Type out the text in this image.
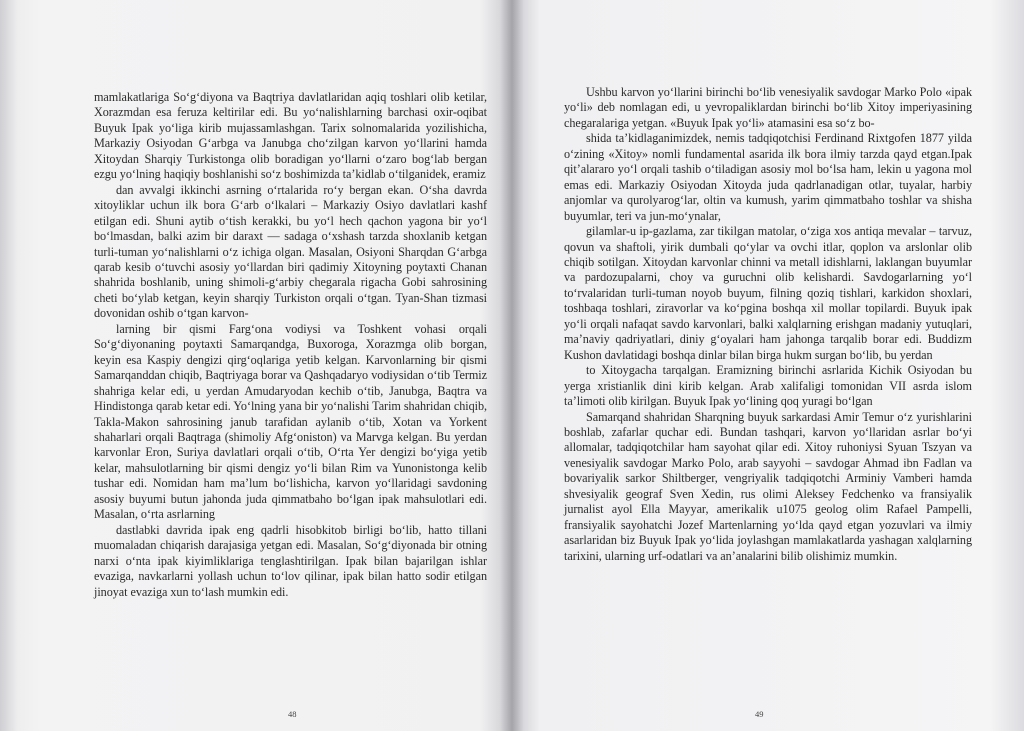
mamlakatlariga So‘g‘diyona va Baqtriya davlatlaridan aqiq toshlari olib ketilar, Xorazmdan esa feruza keltirilar edi. Bu yo‘nalishlarning barchasi oxir-oqibat Buyuk Ipak yo‘liga kirib mujassamlashgan. Tarix solnomalarida yozilishicha, Markaziy Osiyodan G‘arbga va Janubga cho‘zilgan karvon yo‘llarini hamda Xitoydan Sharqiy Turkistonga olib boradigan yo‘llarni o‘zaro bog‘lab bergan ezgu yo‘lning haqiqiy boshlanishi so‘z boshimizda ta’kidlab o‘tilganidek, eramiz

dan avvalgi ikkinchi asrning o‘rtalarida ro‘y bergan ekan. O‘sha davrda xitoyliklar uchun ilk bora G‘arb o‘lkalari – Markaziy Osiyo davlatlari kashf etilgan edi. Shuni aytib o‘tish kerakki, bu yo‘l hech qachon yagona bir yo‘l bo‘lmasdan, balki azim bir daraxt — sadaga o‘xshash tarzda shoxlanib ketgan turli-tuman yo‘nalishlarni o‘z ichiga olgan. Masalan, Osiyoni Sharqdan G‘arbga qarab kesib o‘tuvchi asosiy yo‘llardan biri qadimiy Xitoyning poytaxti Chanan shahrida boshlanib, uning shimoli-g‘arbiy chegarala rigacha Gobi sahrosining cheti bo‘ylab ketgan, keyin sharqiy Turkiston orqali o‘tgan. Tyan-Shan tizmasi dovonidan oshib o‘tgan karvon-

larning bir qismi Farg‘ona vodiysi va Toshkent vohasi orqali So‘g‘diyonaning poytaxti Samarqandga, Buxoroga, Xorazmga olib borgan, keyin esa Kaspiy dengizi qirg‘oqlariga yetib kelgan. Karvonlarning bir qismi Samarqanddan chiqib, Baqtriyaga borar va Qashqadaryo vodiysidan o‘tib Termiz shahriga kelar edi, u yerdan Amudaryodan kechib o‘tib, Janubga, Baqtra va Hindistonga qarab ketar edi. Yo‘lning yana bir yo‘nalishi Tarim shahridan chiqib, Takla-Makon sahrosining janub tarafidan aylanib o‘tib, Xotan va Yorkent shaharlari orqali Baqtraga (shimoliy Afg‘oniston) va Marvga kelgan. Bu yerdan karvonlar Eron, Suriya davlatlari orqali o‘tib, O‘rta Yer dengizi bo‘yiga yetib kelar, mahsulotlarning bir qismi dengiz yo‘li bilan Rim va Yunonistonga kelib tushar edi. Nomidan ham ma’lum bo‘lishicha, karvon yo‘llaridagi savdoning asosiy buyumi butun jahonda juda qimmatbaho bo‘lgan ipak mahsulotlari edi. Masalan, o‘rta asrlarning

dastlabki davrida ipak eng qadrli hisobkitob birligi bo‘lib, hatto tillani muomaladan chiqarish darajasiga yetgan edi. Masalan, So‘g‘diyonada bir otning narxi o‘nta ipak kiyimliklariga tenglashtirilgan. Ipak bilan bajarilgan ishlar evaziga, navkarlarni yollash uchun to‘lov qilinar, ipak bilan hatto sodir etilgan jinoyat evaziga xun to‘lash mumkin edi.

48

Ushbu karvon yo‘llarini birinchi bo‘lib venesiyalik savdogar Marko Polo «ipak yo‘li» deb nomlagan edi, u yevropaliklardan birinchi bo‘lib Xitoy imperiyasining chegaralariga yetgan. «Buyuk Ipak yo‘li» atamasini esa so‘z bo-

shida ta’kidlaganimizdek, nemis tadqiqotchisi Ferdinand Rixtgofen 1877 yilda o‘zining «Xitoy» nomli fundamental asarida ilk bora ilmiy tarzda qayd etgan.Ipak qit’alararo yo‘l orqali tashib o‘tiladigan asosiy mol bo‘lsa ham, lekin u yagona mol emas edi. Markaziy Osiyodan Xitoyda juda qadrlanadigan otlar, tuyalar, harbiy anjomlar va qurolyarog‘lar, oltin va kumush, yarim qimmatbaho toshlar va shisha buyumlar, teri va jun-mo‘ynalar,

gilamlar-u ip-gazlama, zar tikilgan matolar, o‘ziga xos antiqa mevalar – tarvuz, qovun va shaftoli, yirik dumbali qo‘ylar va ovchi itlar, qoplon va arslonlar olib chiqib sotilgan. Xitoydan karvonlar chinni va metall idishlarni, laklangan buyumlar va pardozupalarni, choy va guruchni olib kelishardi. Savdogarlarning yo‘l to‘rvalaridan turli-tuman noyob buyum, filning qoziq tishlari, karkidon shoxlari, toshbaqa toshlari, ziravorlar va ko‘pgina boshqa xil mollar topilardi. Buyuk ipak yo‘li orqali nafaqat savdo karvonlari, balki xalqlarning erishgan madaniy yutuqlari, ma’naviy qadriyatlari, diniy g‘oyalari ham jahonga tarqalib borar edi. Buddizm Kushon davlatidagi boshqa dinlar bilan birga hukm surgan bo‘lib, bu yerdan

to Xitoygacha tarqalgan. Eramizning birinchi asrlarida Kichik Osiyodan bu yerga xristianlik dini kirib kelgan. Arab xalifaligi tomonidan VII asrda islom ta’limoti olib kirilgan. Buyuk Ipak yo‘lining qoq yuragi bo‘lgan

Samarqand shahridan Sharqning buyuk sarkardasi Amir Temur o‘z yurishlarini boshlab, zafarlar quchar edi. Bundan tashqari, karvon yo‘llaridan asrlar bo‘yi allomalar, tadqiqotchilar ham sayohat qilar edi. Xitoy ruhoniysi Syuan Tszyan va venesiyalik savdogar Marko Polo, arab sayyohi – savdogar Ahmad ibn Fadlan va bovariyalik sarkor Shiltberger, vengriyalik tadqiqotchi Arminiy Vamberi hamda shvesiyalik geograf Sven Xedin, rus olimi Aleksey Fedchenko va fransiyalik jurnalist ayol Ella Mayyar, amerikalik u1075 geolog olim Rafael Pampelli, fransiyalik sayohatchi Jozef Martenlarning yo‘lda qayd etgan yozuvlari va ilmiy asarlaridan biz Buyuk Ipak yo‘lida joylashgan mamlakatlarda yashagan xalqlarning tarixini, ularning urf-odatlari va an’analarini bilib olishimiz mumkin.

49
